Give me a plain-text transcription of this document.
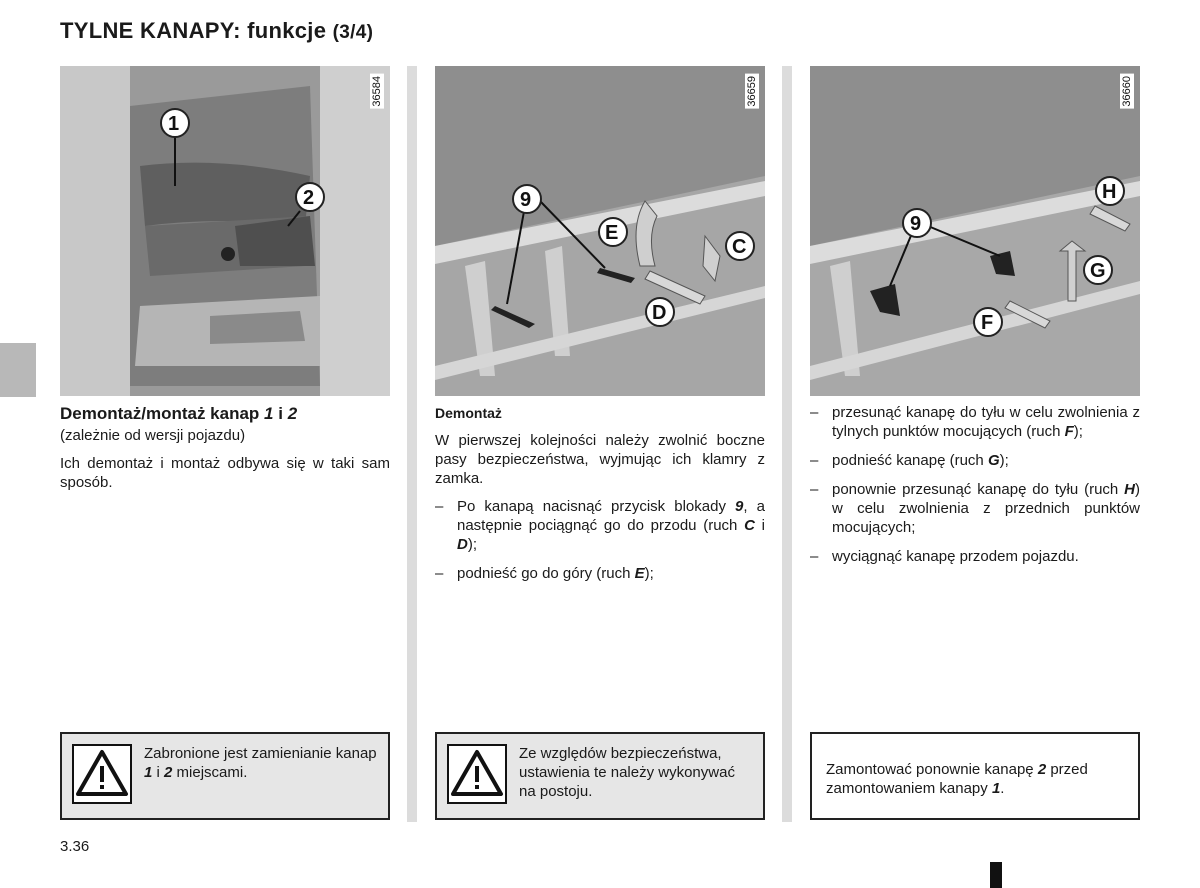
TYLNE KANAPY: funkcje (3/4)
1
2
36584
9
E
C
D
36659
H
9
G
F
36660
Demontaż/montaż kanap 1 i 2
(zależnie od wersji pojazdu)
Ich demontaż i montaż odbywa się w taki sam sposób.
Demontaż
W pierwszej kolejności należy zwolnić boczne pasy bezpieczeństwa, wyjmując ich klamry z zamka.
– Po kanapą nacisnąć przycisk blokady 9, a następnie pociągnąć go do przodu (ruch C i D);
– podnieść go do góry (ruch E);
– przesunąć kanapę do tyłu w celu zwolnienia z tylnych punktów mocujących (ruch F);
– podnieść kanapę (ruch G);
– ponownie przesunąć kanapę do tyłu (ruch H) w celu zwolnienia z przednich punktów mocujących;
– wyciągnąć kanapę przodem pojazdu.
Zabronione jest zamienianie kanap 1 i 2 miejscami.
Ze względów bezpieczeństwa, ustawienia te należy wykonywać na postoju.
Zamontować ponownie kanapę 2 przed zamontowaniem kanapy 1.
3.36
